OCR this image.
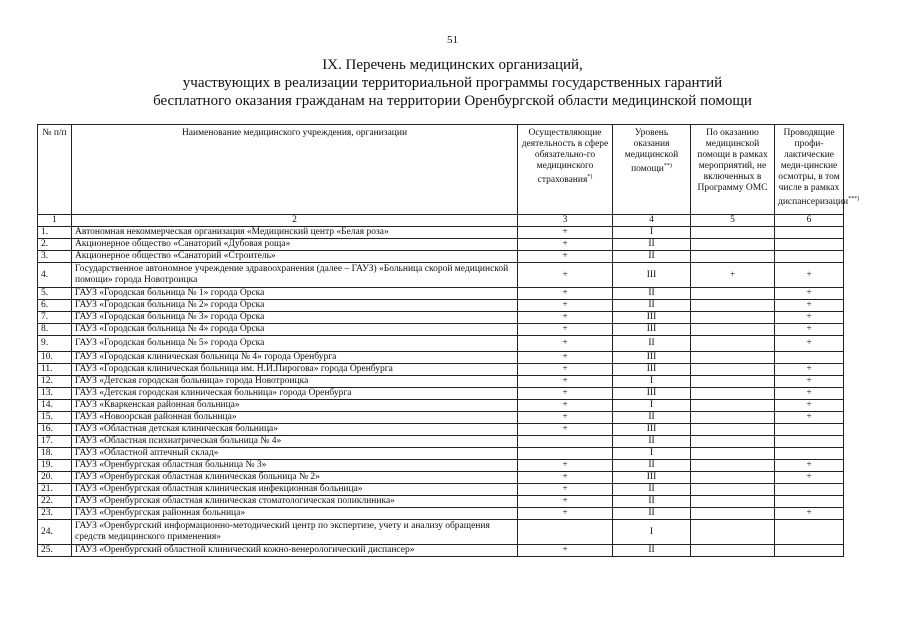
51
IX. Перечень медицинских организаций,
участвующих в реализации территориальной программы государственных гарантий
бесплатного оказания гражданам на территории Оренбургской области медицинской помощи
№ п/п	Наименование медицинского учреждения, организации	Осуществляющие деятельность в сфере обязательно-го медицинского страхования*)	Уровень оказания медицинской помощи**)	По оказанию медицинской помощи в рамках мероприятий, не включенных в Программу ОМС	Проводящие профи-лактические меди-цинские осмотры, в том числе в рамках диспансеризации***)
1	2	3	4	5	6
1.	Автономная некоммерческая организация «Медицинский центр «Белая роза»	+	I		
2.	Акционерное общество «Санаторий «Дубовая роща»	+	II		
3.	Акционерное общество «Санаторий «Строитель»	+	II		
4.	Государственное автономное учреждение здравоохранения (далее – ГАУЗ) «Больница скорой медицинской помощи» города Новотроицка	+	III	+	+
5.	ГАУЗ «Городская больница № 1» города Орска	+	II		+
6.	ГАУЗ «Городская больница № 2» города Орска	+	II		+
7.	ГАУЗ «Городская больница № 3» города Орска	+	III		+
8.	ГАУЗ «Городская больница № 4» города Орска	+	III		+
9.	ГАУЗ «Городская больница № 5» города Орска	+	II		+
10.	ГАУЗ «Городская клиническая больница № 4» города Оренбурга	+	III		
11.	ГАУЗ «Городская клиническая больница им. Н.И.Пирогова» города Оренбурга	+	III		+
12.	ГАУЗ «Детская городская больница» города Новотроицка	+	I		+
13.	ГАУЗ «Детская городская клиническая больница» города Оренбурга	+	III		+
14.	ГАУЗ «Кваркенская районная больница»	+	I		+
15.	ГАУЗ «Новоорская районная больница»	+	II		+
16.	ГАУЗ «Областная детская клиническая больница»	+	III		
17.	ГАУЗ «Областная психиатрическая больница № 4»		II		
18.	ГАУЗ «Областной аптечный склад»		I		
19.	ГАУЗ «Оренбургская областная больница № 3»	+	II		+
20.	ГАУЗ «Оренбургская областная клиническая больница № 2»	+	III		+
21.	ГАУЗ «Оренбургская областная клиническая инфекционная больница»	+	II		
22.	ГАУЗ «Оренбургская областная клиническая стоматологическая поликлиника»	+	II		
23.	ГАУЗ «Оренбургская районная больница»	+	II		+
24.	ГАУЗ «Оренбургский информационно-методический центр по экспертизе, учету и анализу обращения средств медицинского применения»		I		
25.	ГАУЗ «Оренбургский областной клинический кожно-венерологический диспансер»	+	II		
